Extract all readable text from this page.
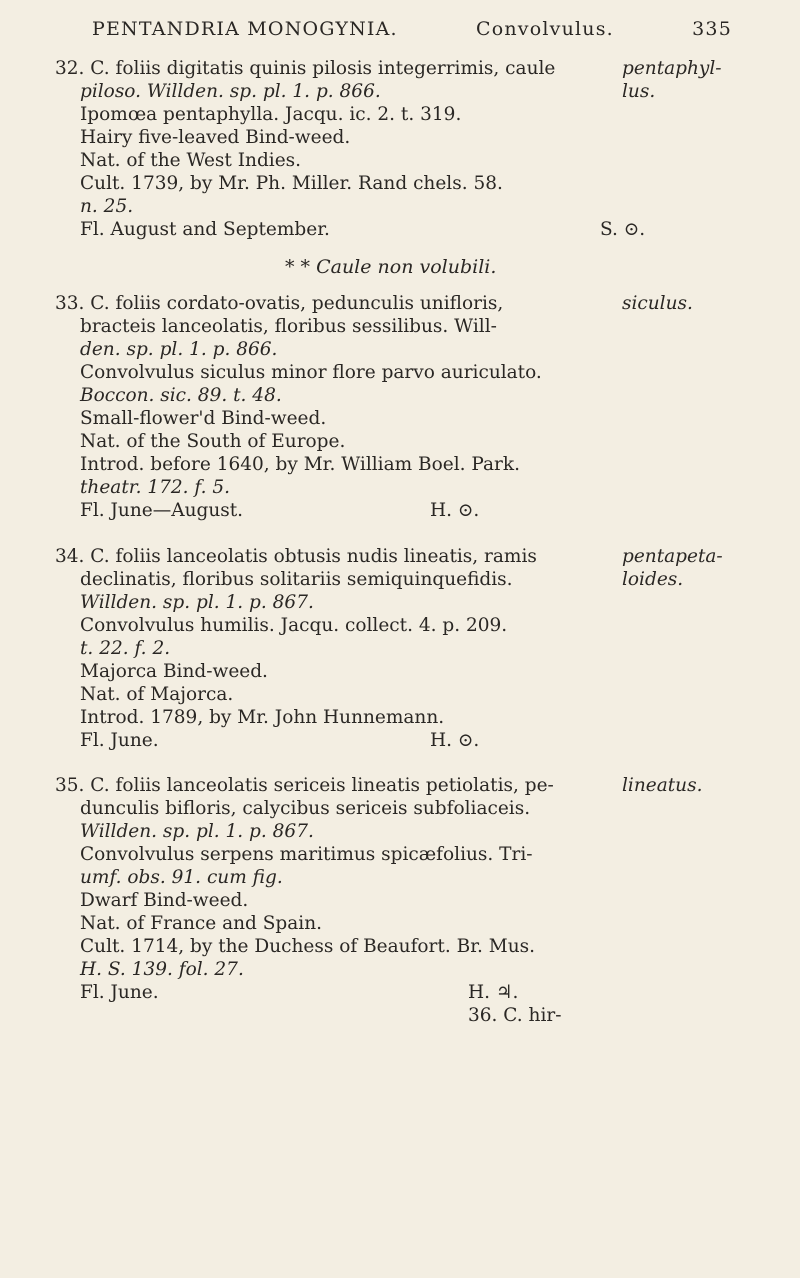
PENTANDRIA MONOGYNIA.	Convolvulus.	335
32. C. foliis digitatis quinis pilosis integerrimis, caule
piloso. Willden. sp. pl. 1. p. 866.
Ipomœa pentaphylla. Jacqu. ic. 2. t. 319.
Hairy five-leaved Bind-weed.
Nat. of the West Indies.
Cult. 1739, by Mr. Ph. Miller. Rand chels. 58.
n. 25.
Fl. August and September.	S. ⊙.
pentaphyl-
lus.
* * Caule non volubili.
33. C. foliis cordato-ovatis, pedunculis unifloris,
bracteis lanceolatis, floribus sessilibus. Will-
den. sp. pl. 1. p. 866.
Convolvulus siculus minor flore parvo auriculato.
Boccon. sic. 89. t. 48.
Small-flower'd Bind-weed.
Nat. of the South of Europe.
Introd. before 1640, by Mr. William Boel. Park.
theatr. 172. f. 5.
Fl. June—August.	H. ⊙.
siculus.
34. C. foliis lanceolatis obtusis nudis lineatis, ramis
declinatis, floribus solitariis semiquinquefidis.
Willden. sp. pl. 1. p. 867.
Convolvulus humilis. Jacqu. collect. 4. p. 209.
t. 22. f. 2.
Majorca Bind-weed.
Nat. of Majorca.
Introd. 1789, by Mr. John Hunnemann.
Fl. June.	H. ⊙.
pentapeta-
loides.
35. C. foliis lanceolatis sericeis lineatis petiolatis, pe-
dunculis bifloris, calycibus sericeis subfoliaceis.
Willden. sp. pl. 1. p. 867.
Convolvulus serpens maritimus spicæfolius. Tri-
umf. obs. 91. cum fig.
Dwarf Bind-weed.
Nat. of France and Spain.
Cult. 1714, by the Duchess of Beaufort. Br. Mus.
H. S. 139. fol. 27.
Fl. June.	H. ♃.
lineatus.
36. C. hir-
